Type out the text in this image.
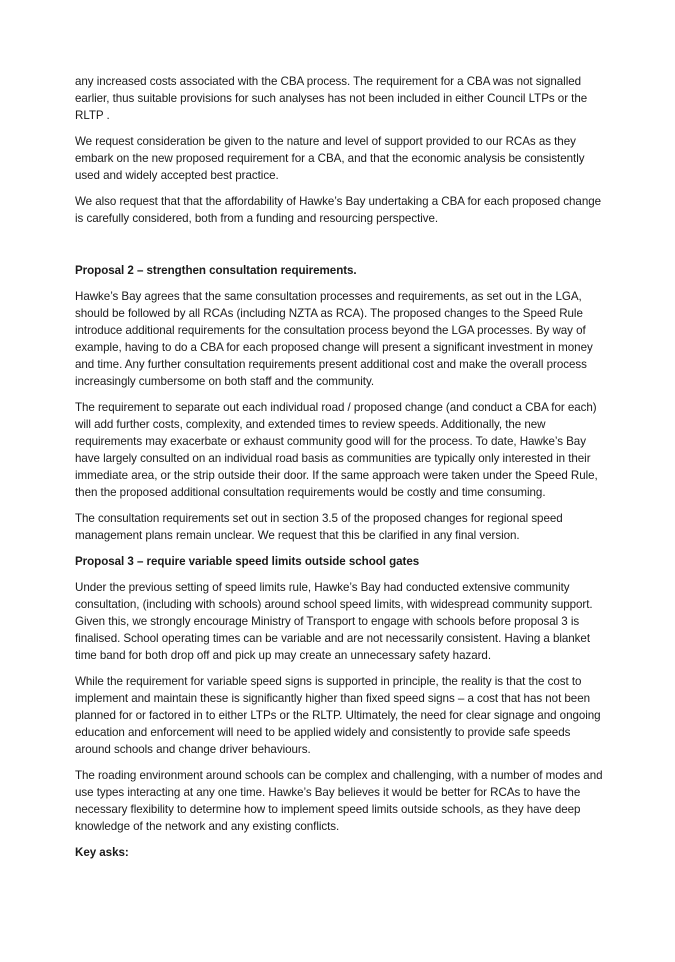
any increased costs associated with the CBA process. The requirement for a CBA was not signalled earlier, thus suitable provisions for such analyses has not been included in either Council LTPs or the RLTP .

We request consideration be given to the nature and level of support provided to our RCAs as they embark on the new proposed requirement for a CBA, and that the economic analysis be consistently used and widely accepted best practice.

We also request that that the affordability of Hawke’s Bay undertaking a CBA for each proposed change is carefully considered, both from a funding and resourcing perspective.

Proposal 2 – strengthen consultation requirements.

Hawke’s Bay agrees that the same consultation processes and requirements, as set out in the LGA, should be followed by all RCAs (including NZTA as RCA). The proposed changes to the Speed Rule introduce additional requirements for the consultation process beyond the LGA processes. By way of example, having to do a CBA for each proposed change will present a significant investment in money and time. Any further consultation requirements present additional cost and make the overall process increasingly cumbersome on both staff and the community.

The requirement to separate out each individual road / proposed change (and conduct a CBA for each) will add further costs, complexity, and extended times to review speeds. Additionally, the new requirements may exacerbate or exhaust community good will for the process. To date, Hawke’s Bay have largely consulted on an individual road basis as communities are typically only interested in their immediate area, or the strip outside their door. If the same approach were taken under the Speed Rule, then the proposed additional consultation requirements would be costly and time consuming.

The consultation requirements set out in section 3.5 of the proposed changes for regional speed management plans remain unclear. We request that this be clarified in any final version.

Proposal 3 – require variable speed limits outside school gates

Under the previous setting of speed limits rule, Hawke’s Bay had conducted extensive community consultation, (including with schools) around school speed limits, with widespread community support. Given this, we strongly encourage Ministry of Transport to engage with schools before proposal 3 is finalised. School operating times can be variable and are not necessarily consistent. Having a blanket time band for both drop off and pick up may create an unnecessary safety hazard.

While the requirement for variable speed signs is supported in principle, the reality is that the cost to implement and maintain these is significantly higher than fixed speed signs – a cost that has not been planned for or factored in to either LTPs or the RLTP. Ultimately, the need for clear signage and ongoing education and enforcement will need to be applied widely and consistently to provide safe speeds around schools and change driver behaviours.

The roading environment around schools can be complex and challenging, with a number of modes and use types interacting at any one time. Hawke’s Bay believes it would be better for RCAs to have the necessary flexibility to determine how to implement speed limits outside schools, as they have deep knowledge of the network and any existing conflicts.

Key asks:
